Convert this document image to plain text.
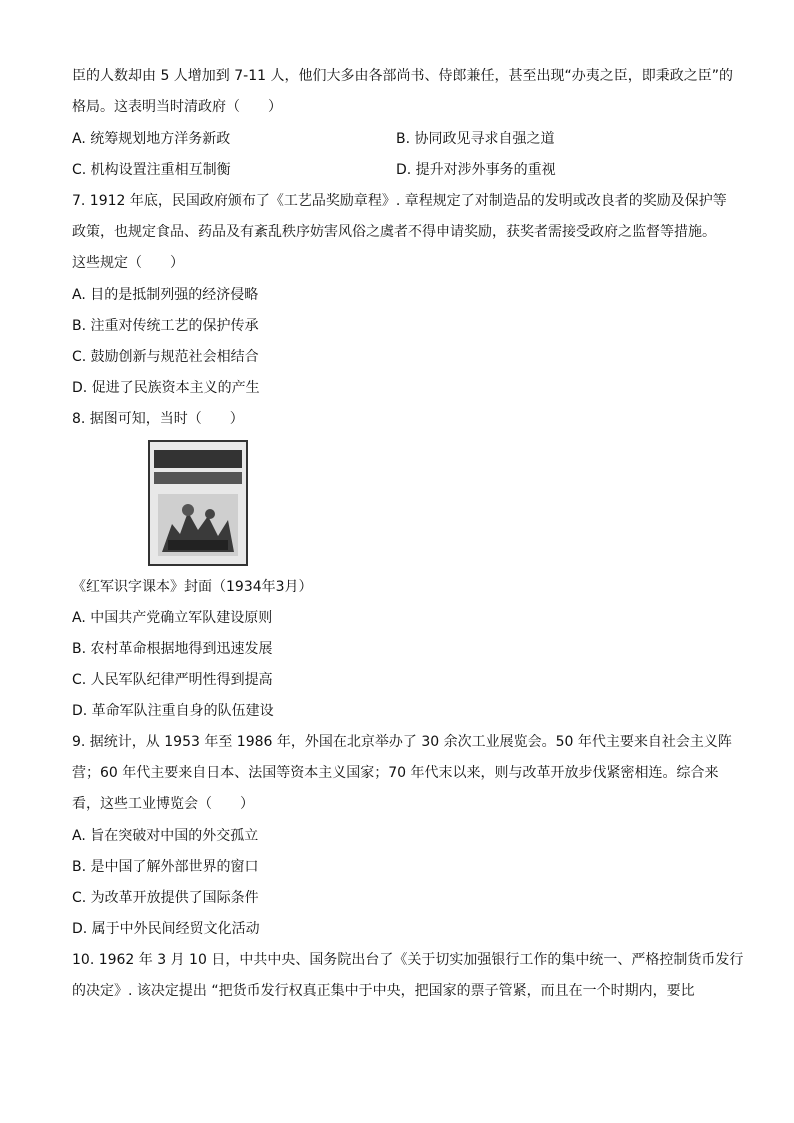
臣的人数却由 5 人增加到 7-11 人，他们大多由各部尚书、侍郎兼任，甚至出现“办夷之臣，即秉政之臣”的
格局。这表明当时清政府（　　）
A. 统筹规划地方洋务新政	B. 协同政见寻求自强之道
C. 机构设置注重相互制衡	D. 提升对涉外事务的重视
7. 1912 年底，民国政府颁布了《工艺品奖励章程》. 章程规定了对制造品的发明或改良者的奖励及保护等
政策，也规定食品、药品及有紊乱秩序妨害风俗之虞者不得申请奖励，获奖者需接受政府之监督等措施。
这些规定（　　）
A. 目的是抵制列强的经济侵略
B. 注重对传统工艺的保护传承
C. 鼓励创新与规范社会相结合
D. 促进了民族资本主义的产生
8. 据图可知，当时（　　）
《红军识字课本》封面（1934年3月）
A. 中国共产党确立军队建设原则
B. 农村革命根据地得到迅速发展
C. 人民军队纪律严明性得到提高
D. 革命军队注重自身的队伍建设
9. 据统计，从 1953 年至 1986 年，外国在北京举办了 30 余次工业展览会。50 年代主要来自社会主义阵
营；60 年代主要来自日本、法国等资本主义国家；70 年代末以来，则与改革开放步伐紧密相连。综合来
看，这些工业博览会（　　）
A. 旨在突破对中国的外交孤立
B. 是中国了解外部世界的窗口
C. 为改革开放提供了国际条件
D. 属于中外民间经贸文化活动
10. 1962 年 3 月 10 日，中共中央、国务院出台了《关于切实加强银行工作的集中统一、严格控制货币发行
的决定》. 该决定提出 “把货币发行权真正集中于中央，把国家的票子管紧，而且在一个时期内，要比
